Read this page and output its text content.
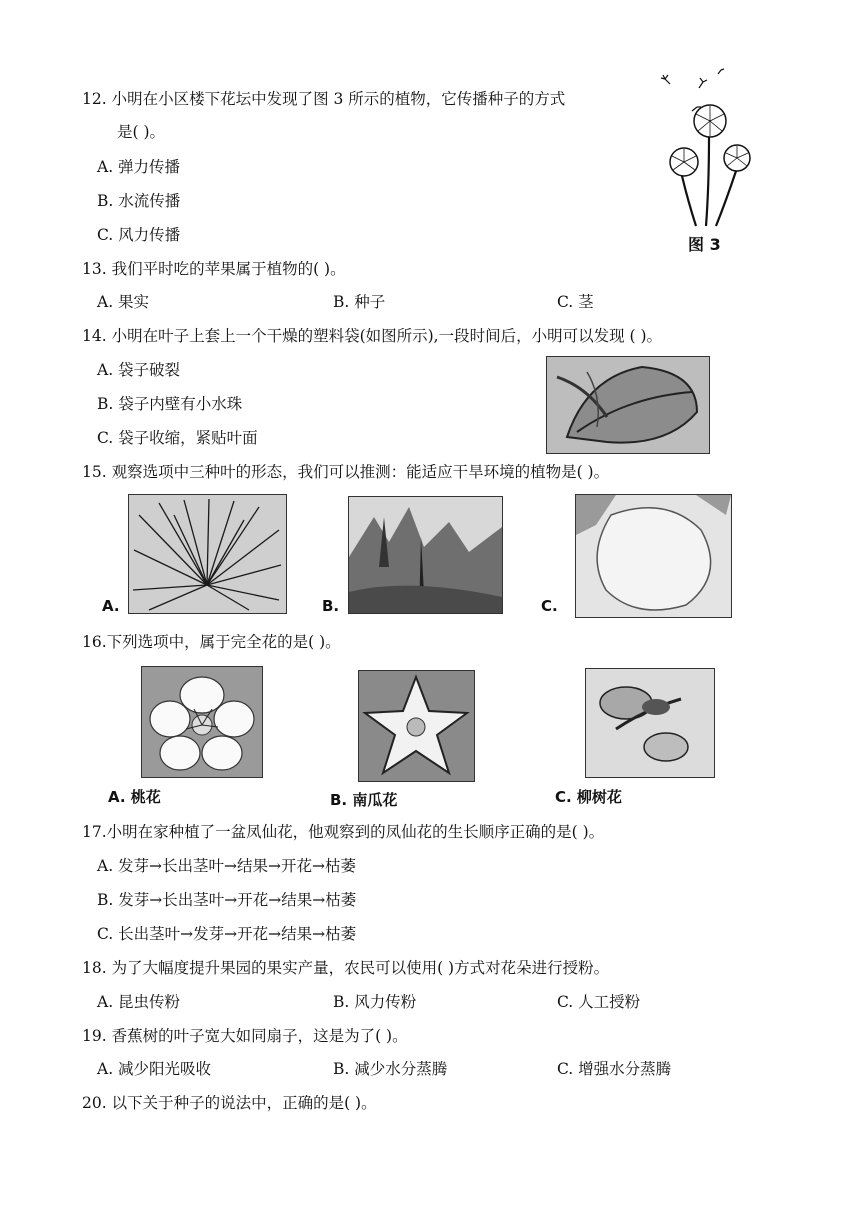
12. 小明在小区楼下花坛中发现了图 3 所示的植物，它传播种子的方式
是( )。
A. 弹力传播
B. 水流传播
C. 风力传播	图 3
13. 我们平时吃的苹果属于植物的( )。
A. 果实	B. 种子	C. 茎
14. 小明在叶子上套上一个干燥的塑料袋(如图所示),一段时间后，小明可以发现 ( )。
A. 袋子破裂
B. 袋子内壁有小水珠
C. 袋子收缩，紧贴叶面
15. 观察选项中三种叶的形态，我们可以推测：能适应干旱环境的植物是( )。
A.	B.	C.
16.下列选项中，属于完全花的是( )。
A. 桃花	B. 南瓜花	C. 柳树花
17.小明在家种植了一盆凤仙花，他观察到的凤仙花的生长顺序正确的是( )。
A. 发芽→长出茎叶→结果→开花→枯萎
B. 发芽→长出茎叶→开花→结果→枯萎
C. 长出茎叶→发芽→开花→结果→枯萎
18. 为了大幅度提升果园的果实产量，农民可以使用( )方式对花朵进行授粉。
A. 昆虫传粉	B. 风力传粉	C. 人工授粉
19. 香蕉树的叶子宽大如同扇子，这是为了( )。
A. 减少阳光吸收	B. 减少水分蒸腾	C. 增强水分蒸腾
20. 以下关于种子的说法中，正确的是( )。
